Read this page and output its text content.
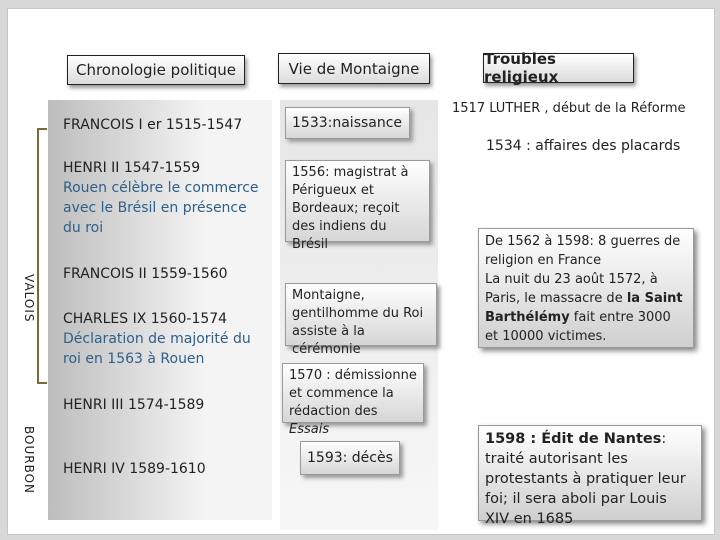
Chronologie politique	Vie de Montaigne
Troubles religieux
VALOIS
BOURBON
FRANCOIS I er 1515-1547
HENRI II 1547-1559
Rouen célèbre le commerce avec le Brésil en présence du roi
FRANCOIS II 1559-1560
CHARLES IX 1560-1574
Déclaration de majorité du roi en 1563 à Rouen
HENRI III 1574-1589
HENRI IV 1589-1610
1533:naissance
1556: magistrat à Périgueux et Bordeaux; reçoit des indiens du Brésil
Montaigne, gentilhomme du Roi assiste à la cérémonie
1570 : démissionne et commence la rédaction des Essais
1593: décès
1517 LUTHER , début de la Réforme
1534 : affaires des placards
De 1562 à 1598: 8 guerres de religion en France
La nuit du 23 août 1572, à Paris, le massacre de la Saint Barthélémy fait entre 3000 et 10000 victimes.
1598 : Édit de Nantes: traité autorisant les protestants à pratiquer leur foi; il sera aboli par Louis XIV en 1685
